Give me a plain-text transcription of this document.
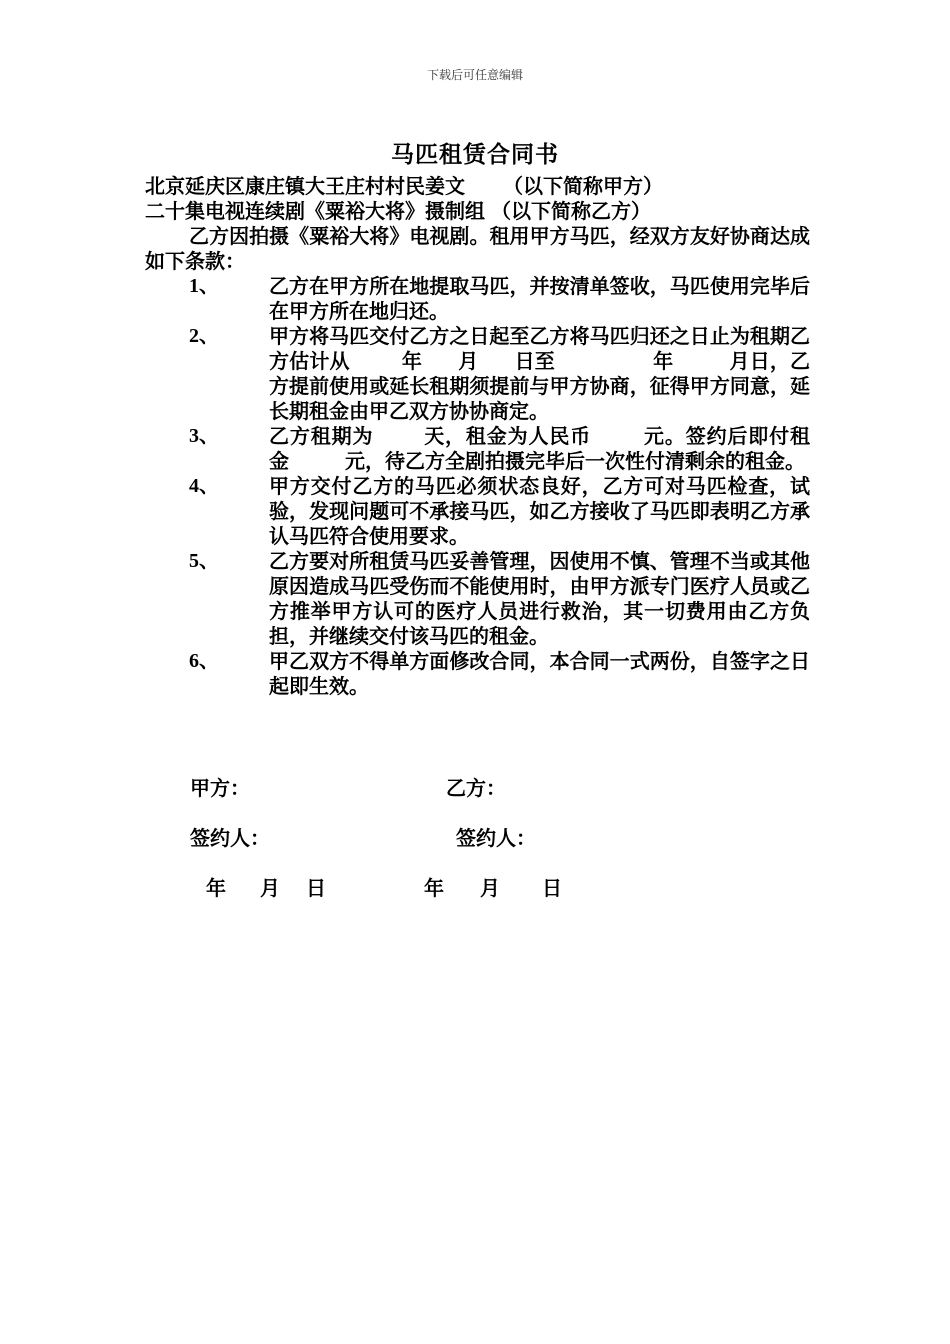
下载后可任意编辑
马匹租赁合同书
北京延庆区康庄镇大王庄村村民姜文 （以下简称甲方）
二十集电视连续剧《粟裕大将》摄制组 （以下简称乙方）
乙方因拍摄《粟裕大将》电视剧。租用甲方马匹，经双方友好协商达成如下条款：
1、	乙方在甲方所在地提取马匹，并按清单签收，马匹使用完毕后在甲方所在地归还。
2、	甲方将马匹交付乙方之日起至乙方将马匹归还之日止为租期乙方估计从	年 月 日至	年	月日，乙方提前使用或延长租期须提前与甲方协商，征得甲方同意，延长期租金由甲乙双方协协商定。
3、	乙方租期为	天，租金为人民币	元。签约后即付租金	元，待乙方全剧拍摄完毕后一次性付清剩余的租金。
4、	甲方交付乙方的马匹必须状态良好，乙方可对马匹检查，试验，发现问题可不承接马匹，如乙方接收了马匹即表明乙方承认马匹符合使用要求。
5、	乙方要对所租赁马匹妥善管理，因使用不慎、管理不当或其他原因造成马匹受伤而不能使用时，由甲方派专门医疗人员或乙方推举甲方认可的医疗人员进行救治，其一切费用由乙方负担，并继续交付该马匹的租金。
6、	甲乙双方不得单方面修改合同，本合同一式两份，自签字之日起即生效。
甲方：	乙方：
签约人：	签约人：
年 月 日	年 月 日
